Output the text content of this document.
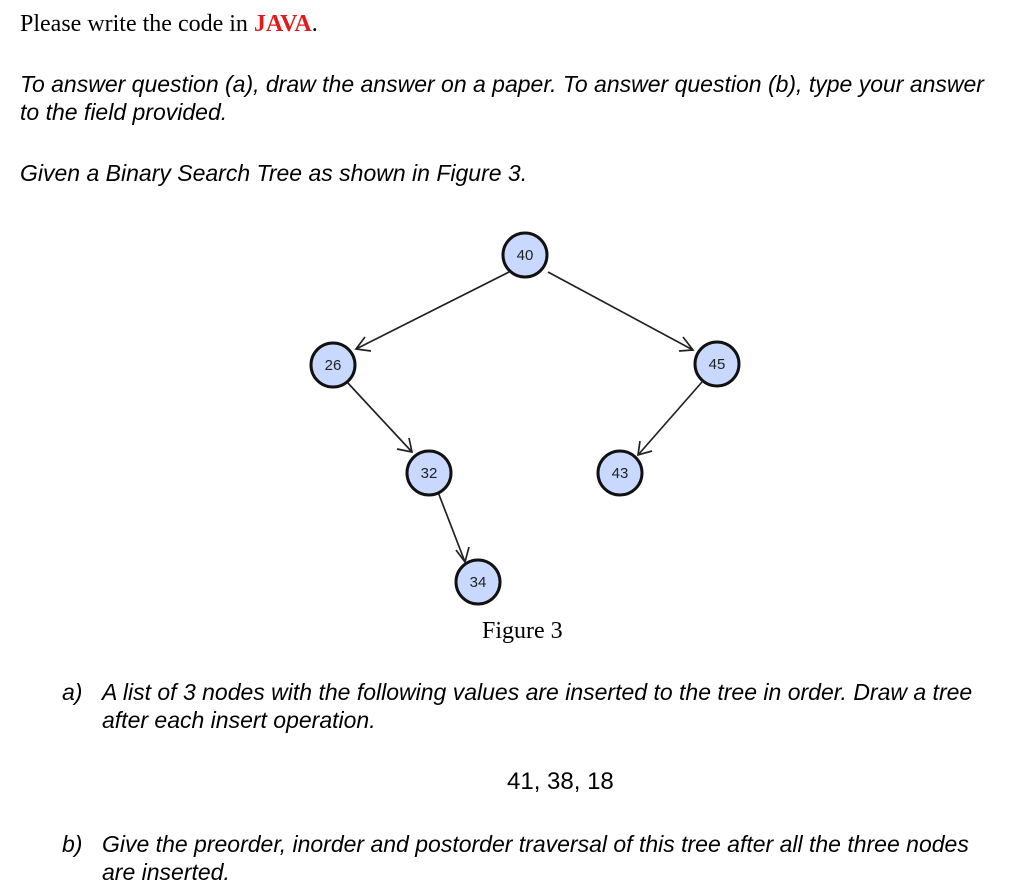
Please write the code in JAVA.
To answer question (a), draw the answer on a paper. To answer question (b), type your answer to the field provided.
Given a Binary Search Tree as shown in Figure 3.
40
26	45
32	43
34
Figure 3
a) A list of 3 nodes with the following values are inserted to the tree in order. Draw a tree after each insert operation.
41, 38, 18
b) Give the preorder, inorder and postorder traversal of this tree after all the three nodes are inserted.
